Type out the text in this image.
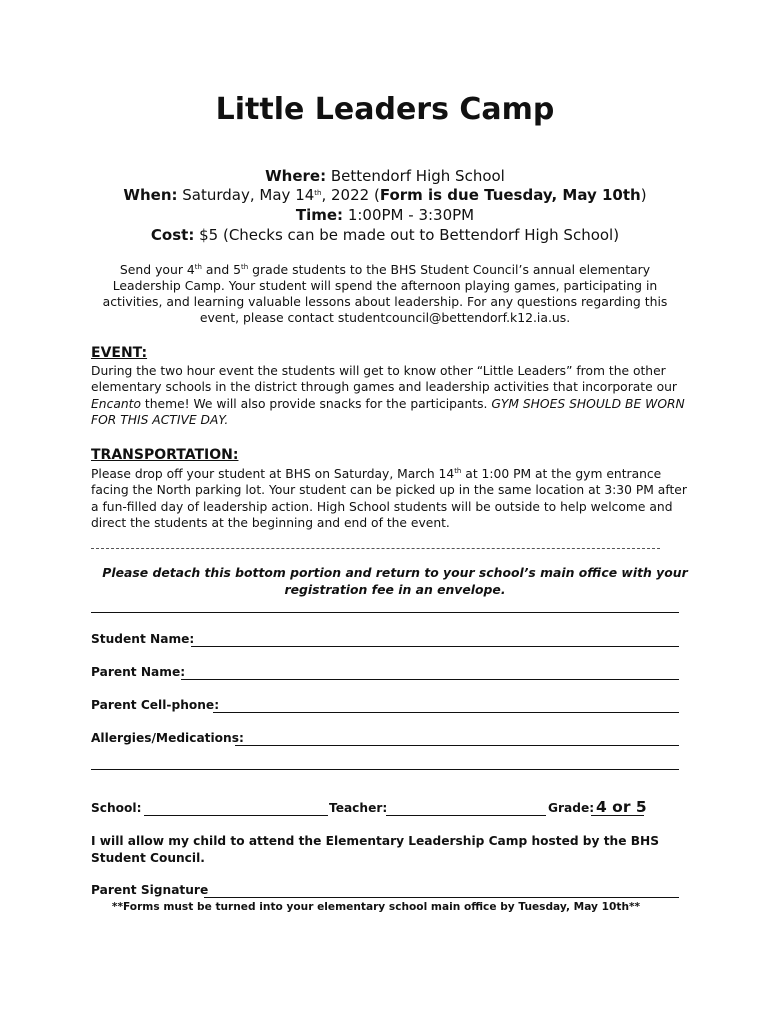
Little Leaders Camp
Where: Bettendorf High School
When: Saturday, May 14th, 2022 (Form is due Tuesday, May 10th)
Time: 1:00PM - 3:30PM
Cost: $5 (Checks can be made out to Bettendorf High School)
Send your 4th and 5th grade students to the BHS Student Council’s annual elementary Leadership Camp. Your student will spend the afternoon playing games, participating in activities, and learning valuable lessons about leadership. For any questions regarding this event, please contact studentcouncil@bettendorf.k12.ia.us.
EVENT:
During the two hour event the students will get to know other “Little Leaders” from the other elementary schools in the district through games and leadership activities that incorporate our Encanto theme! We will also provide snacks for the participants. GYM SHOES SHOULD BE WORN FOR THIS ACTIVE DAY.
TRANSPORTATION:
Please drop off your student at BHS on Saturday, March 14th at 1:00 PM at the gym entrance facing the North parking lot. Your student can be picked up in the same location at 3:30 PM after a fun-filled day of leadership action. High School students will be outside to help welcome and direct the students at the beginning and end of the event.
Please detach this bottom portion and return to your school’s main office with your registration fee in an envelope.
Student Name:
Parent Name:
Parent Cell-phone:
Allergies/Medications:
School:	Teacher:	Grade: 4 or 5
I will allow my child to attend the Elementary Leadership Camp hosted by the BHS Student Council.
Parent Signature
**Forms must be turned into your elementary school main office by Tuesday, May 10th**
